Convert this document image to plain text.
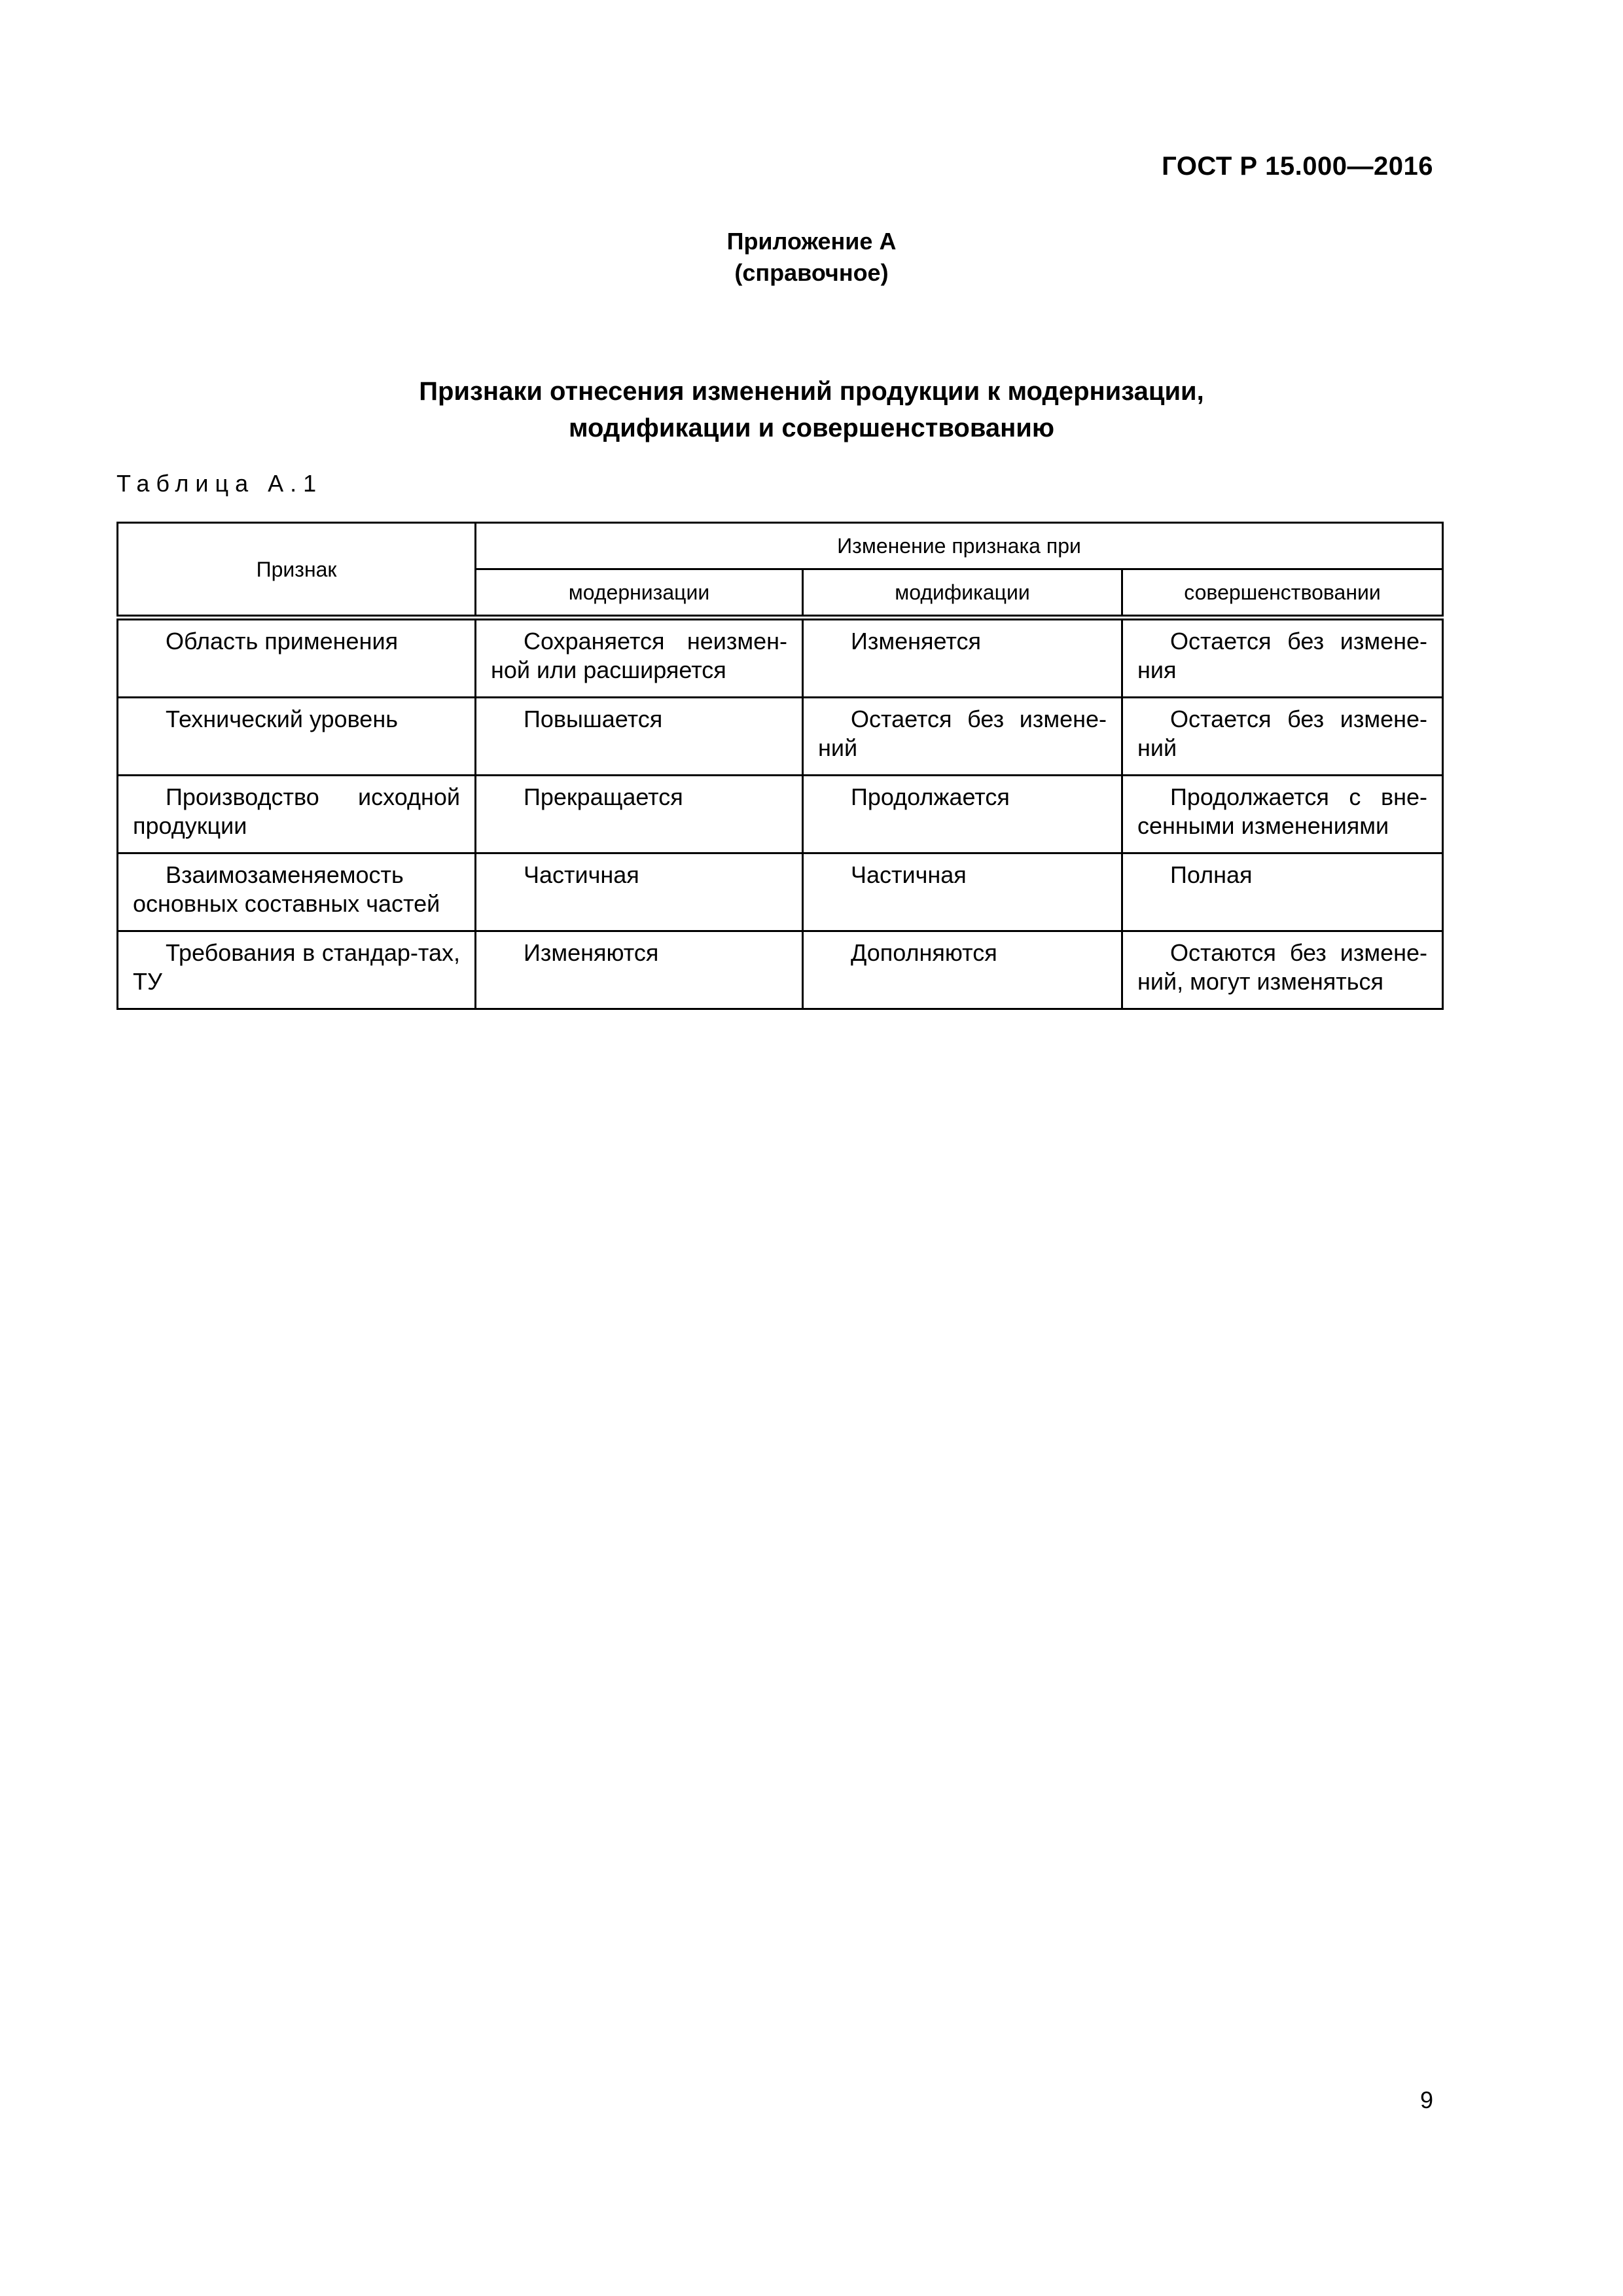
ГОСТ Р 15.000—2016
Приложение А
(справочное)
Признаки отнесения изменений продукции к модернизации,
модификации и совершенствованию
Таблица А.1
Признак	Изменение признака при		
	модернизации	модификации	совершенствовании

Область применения	Сохраняется неизмен-ной или расширяется	Изменяется	Остается без измене-ния

Технический уровень	Повышается	Остается без измене-ний	Остается без измене-ний

Производство исходной продукции	Прекращается	Продолжается	Продолжается с вне-сенными изменениями

Взаимозаменяемость основных составных частей	Частичная	Частичная	Полная

Требования в стандар-тах, ТУ	Изменяются	Дополняются	Остаются без измене-ний, могут изменяться
9
